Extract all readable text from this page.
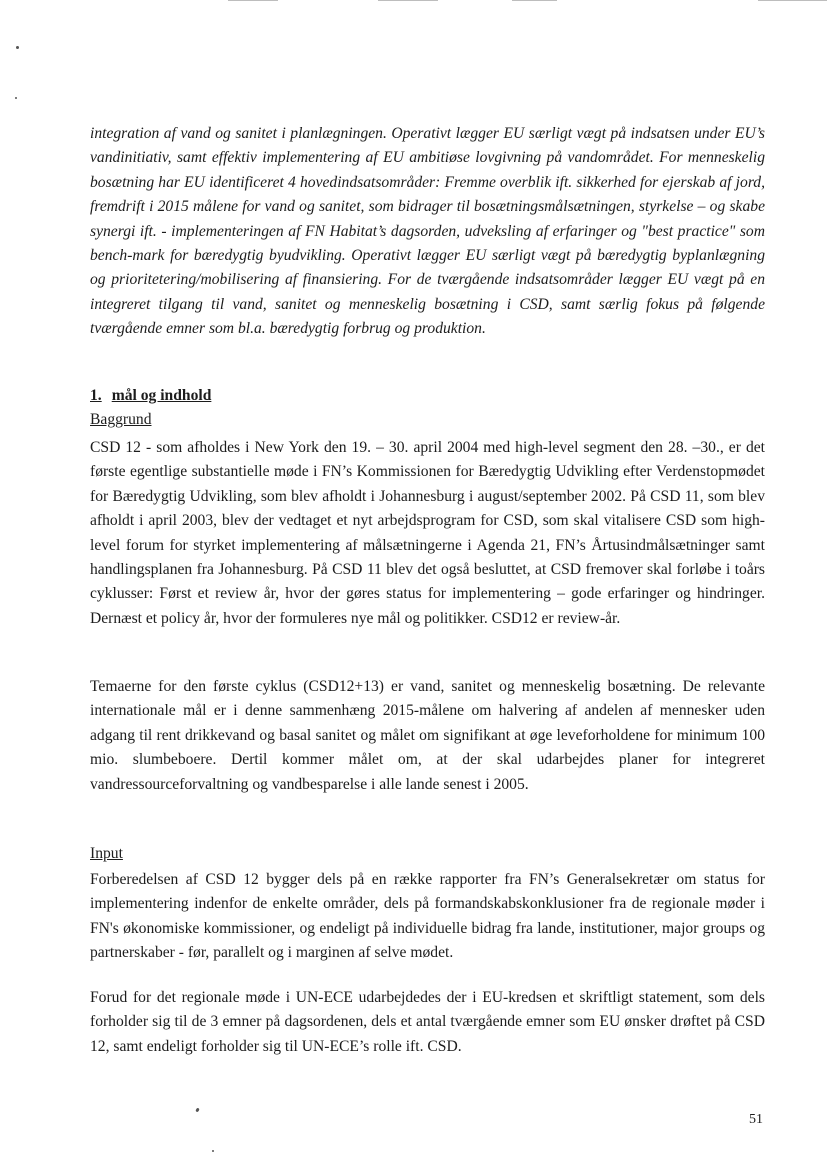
integration af vand og sanitet i planlægningen. Operativt lægger EU særligt vægt på indsatsen under EU’s vandinitiativ, samt effektiv implementering af EU ambitiøse lovgivning på vandområdet. For menneskelig bosætning har EU identificeret 4 hovedindsatsområder: Fremme overblik ift. sikkerhed for ejerskab af jord, fremdrift i 2015 målene for vand og sanitet, som bidrager til bosætningsmålsætningen, styrkelse – og skabe synergi ift. - implementeringen af FN Habitat’s dagsorden, udveksling af erfaringer og "best practice" som bench-mark for bæredygtig byudvikling. Operativt lægger EU særligt vægt på bæredygtig byplanlægning og prioritetering/mobilisering af finansiering. For de tværgående indsatsområder lægger EU vægt på en integreret tilgang til vand, sanitet og menneskelig bosætning i CSD, samt særlig fokus på følgende tværgående emner som bl.a. bæredygtig forbrug og produktion.

1. mål og indhold

Baggrund

CSD 12 - som afholdes i New York den 19. – 30. april 2004 med high-level segment den 28. –30., er det første egentlige substantielle møde i FN’s Kommissionen for Bæredygtig Udvikling efter Verdenstopmødet for Bæredygtig Udvikling, som blev afholdt i Johannesburg i august/september 2002. På CSD 11, som blev afholdt i april 2003, blev der vedtaget et nyt arbejdsprogram for CSD, som skal vitalisere CSD som high-level forum for styrket implementering af målsætningerne i Agenda 21, FN’s Årtusindmålsætninger samt handlingsplanen fra Johannesburg. På CSD 11 blev det også besluttet, at CSD fremover skal forløbe i toårs cyklusser: Først et review år, hvor der gøres status for implementering – gode erfaringer og hindringer. Dernæst et policy år, hvor der formuleres nye mål og politikker. CSD12 er review-år.

Temaerne for den første cyklus (CSD12+13) er vand, sanitet og menneskelig bosætning. De relevante internationale mål er i denne sammenhæng 2015-målene om halvering af andelen af mennesker uden adgang til rent drikkevand og basal sanitet og målet om signifikant at øge leveforholdene for minimum 100 mio. slumbeboere. Dertil kommer målet om, at der skal udarbejdes planer for integreret vandressourceforvaltning og vandbesparelse i alle lande senest i 2005.

Input

Forberedelsen af CSD 12 bygger dels på en række rapporter fra FN’s Generalsekretær om status for implementering indenfor de enkelte områder, dels på formandskabskonklusioner fra de regionale møder i FN's økonomiske kommissioner, og endeligt på individuelle bidrag fra lande, institutioner, major groups og partnerskaber - før, parallelt og i marginen af selve mødet.

Forud for det regionale møde i UN-ECE udarbejdedes der i EU-kredsen et skriftligt statement, som dels forholder sig til de 3 emner på dagsordenen, dels et antal tværgående emner som EU ønsker drøftet på CSD 12, samt endeligt forholder sig til UN-ECE’s rolle ift. CSD.

51
